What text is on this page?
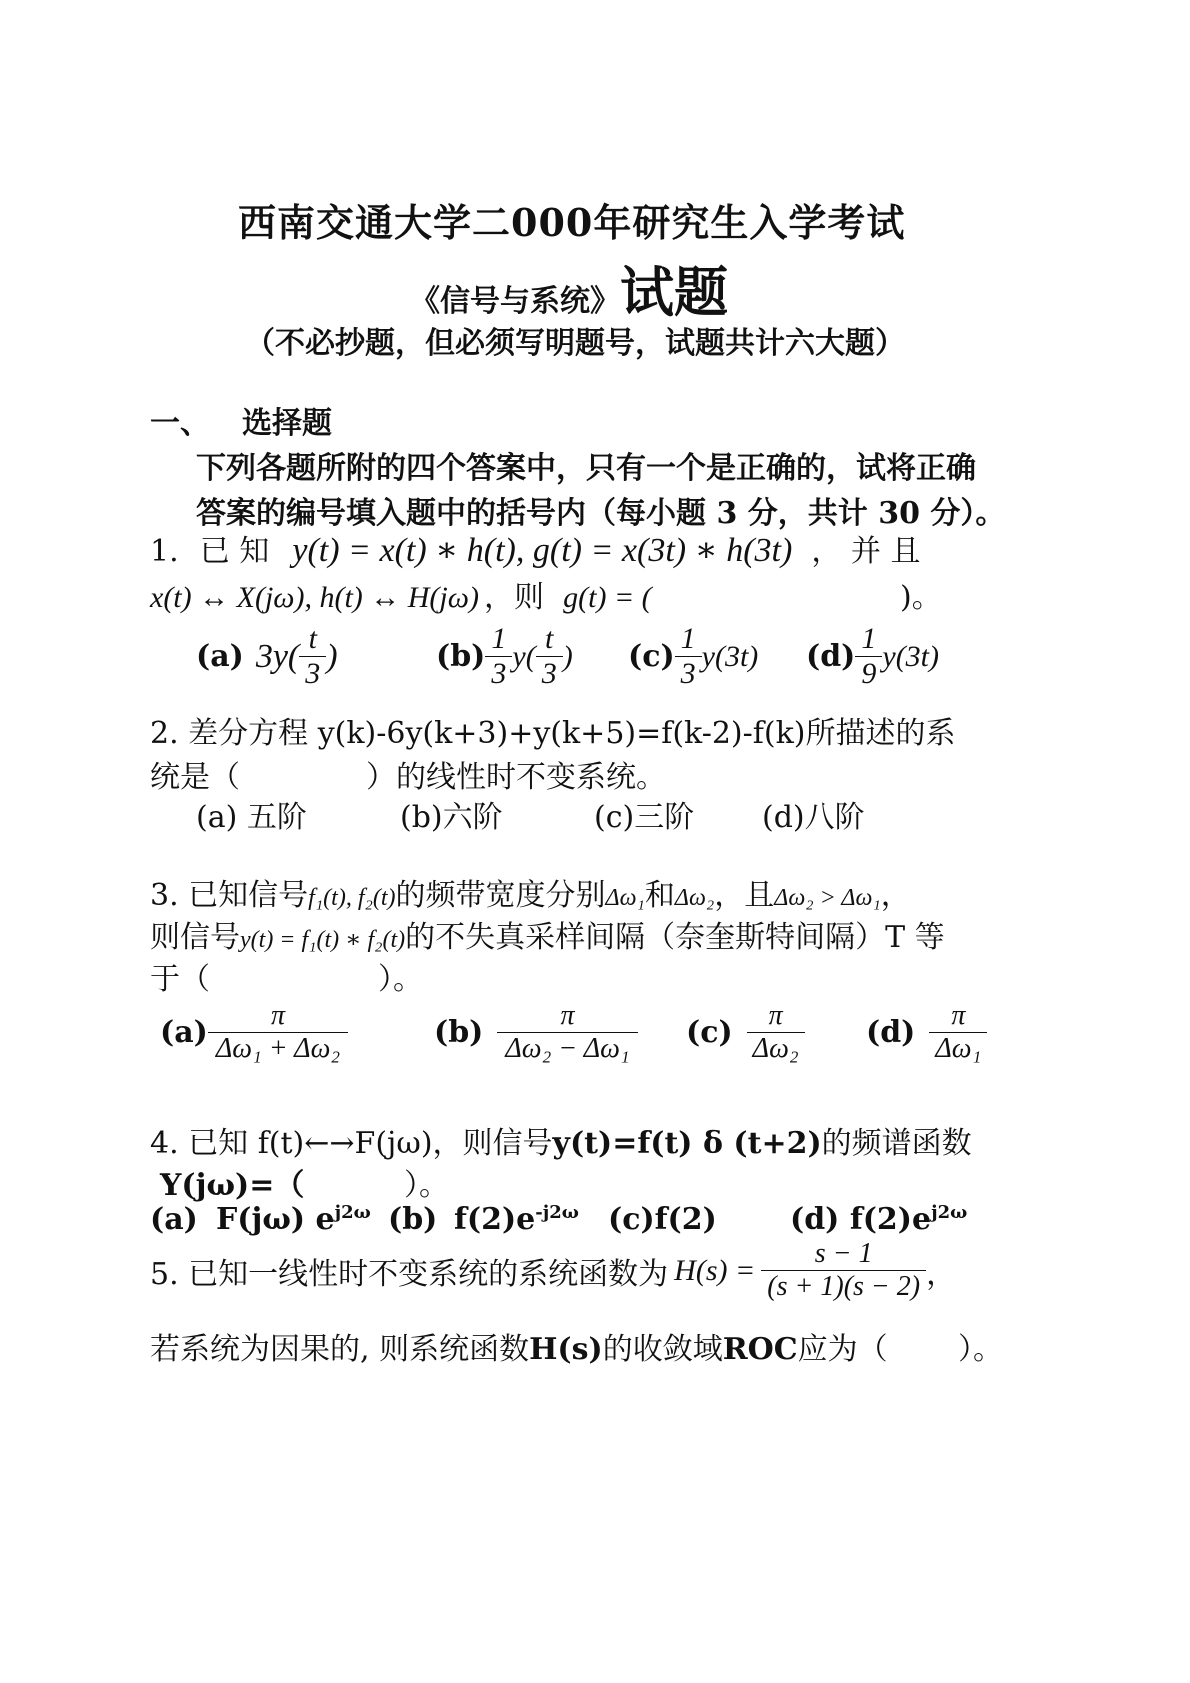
西南交通大学二000年研究生入学考试
《信号与系统》试题
（不必抄题，但必须写明题号，试题共计六大题）
一、 选择题
下列各题所附的四个答案中，只有一个是正确的，试将正确
答案的编号填入题中的括号内（每小题 3 分，共计 30 分）。
1. 已 知 y(t) = x(t) ∗ h(t), g(t) = x(3t) ∗ h(3t) ， 并 且
x(t) ↔ X(jω), h(t) ↔ H(jω) ，则 g(t) = (	)。
(a) $3y( \frac{t}{3}$ )	$(b) \frac{1}{3} y( \frac{t}{3}$ ) $(c) \frac{1}{3} y(3t)$ $(d) \frac{1}{9} y(3t)$
2. 差分方程 y(k)-6y(k+3)+y(k+5)=f(k-2)-f(k)所描述的系
统是（	）的线性时不变系统。
(a) 五阶	(b)六阶	(c)三阶 (d)八阶
3. 已知信号f₁(t), f₂(t)的频带宽度分别Δω₁和Δω₂，且Δω₂ > Δω₁，
则信号y(t) = f₁(t) ∗ f₂(t)的不失真采样间隔（奈奎斯特间隔）T 等
于（	）。
$(a) \frac{\pi}{\text{Δω₁ + Δω₂}}$	$(b) \frac{\pi}{\text{Δω₂ − Δω₁}} (c) \frac{\pi}{\text{Δω₂}} (d) \frac{\pi}{\text{Δω₁}}$
4. 已知 f(t)←→F(jω)，则信号y(t)=f(t) δ (t+2)的频谱函数
Y(jω)=（	）。
(a) F(jω) $e^{j2\omega}$ (b) $f(2)e^{-j2\omega}$ (c)f(2) (d) $f(2)e^{j2\omega}$
5. 已知一线性时不变系统的系统函数为 $H(s) = \frac{s - 1}{(s + 1)(s - 2)}$ ，
若系统为因果的, 则系统函数H(s)的收敛域ROC应为（ ）。
